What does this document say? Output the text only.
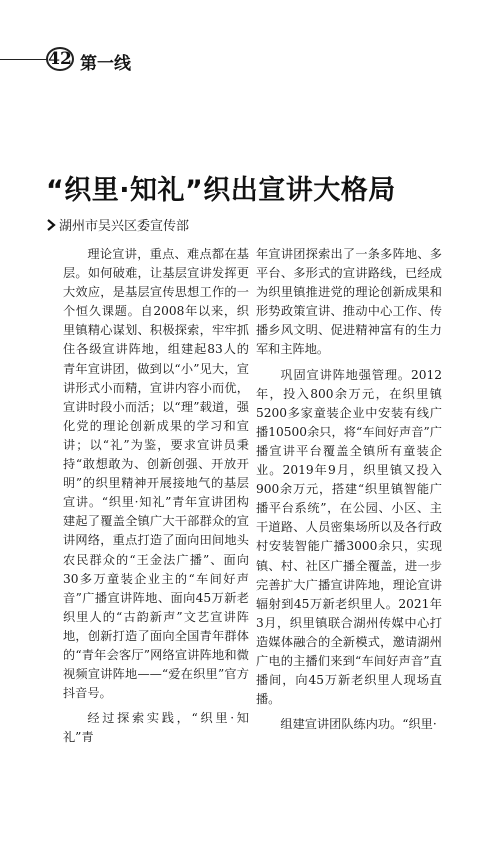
42 第一线
“织里·知礼”织出宣讲大格局
湖州市吴兴区委宣传部

理论宣讲，重点、难点都在基层。如何破难，让基层宣讲发挥更大效应，是基层宣传思想工作的一个恒久课题。自2008年以来，织里镇精心谋划、积极探索，牢牢抓住各级宣讲阵地，组建起83人的青年宣讲团，做到以“小”见大，宣讲形式小而精，宣讲内容小而优，宣讲时段小而活；以“理”载道，强化党的理论创新成果的学习和宣讲；以“礼”为鉴，要求宣讲员秉持“敢想敢为、创新创强、开放开明”的织里精神开展接地气的基层宣讲。“织里·知礼”青年宣讲团构建起了覆盖全镇广大干部群众的宣讲网络，重点打造了面向田间地头农民群众的“王金法广播”、面向30多万童装企业主的“车间好声音”广播宣讲阵地、面向45万新老织里人的“古韵新声”文艺宣讲阵地，创新打造了面向全国青年群体的“青年会客厅”网络宣讲阵地和微视频宣讲阵地——“爱在织里”官方抖音号。

经过探索实践，“织里·知礼”青

年宣讲团探索出了一条多阵地、多平台、多形式的宣讲路线，已经成为织里镇推进党的理论创新成果和形势政策宣讲、推动中心工作、传播乡风文明、促进精神富有的生力军和主阵地。

巩固宣讲阵地强管理。2012年，投入800余万元，在织里镇5200多家童装企业中安装有线广播10500余只，将“车间好声音”广播宣讲平台覆盖全镇所有童装企业。2019年9月，织里镇又投入900余万元，搭建“织里镇智能广播平台系统”，在公园、小区、主干道路、人员密集场所以及各行政村安装智能广播3000余只，实现镇、村、社区广播全覆盖，进一步完善扩大广播宣讲阵地，理论宣讲辐射到45万新老织里人。2021年3月，织里镇联合湖州传媒中心打造媒体融合的全新模式，邀请湖州广电的主播们来到“车间好声音”直播间，向45万新老织里人现场直播。

组建宣讲团队练内功。“织里·
